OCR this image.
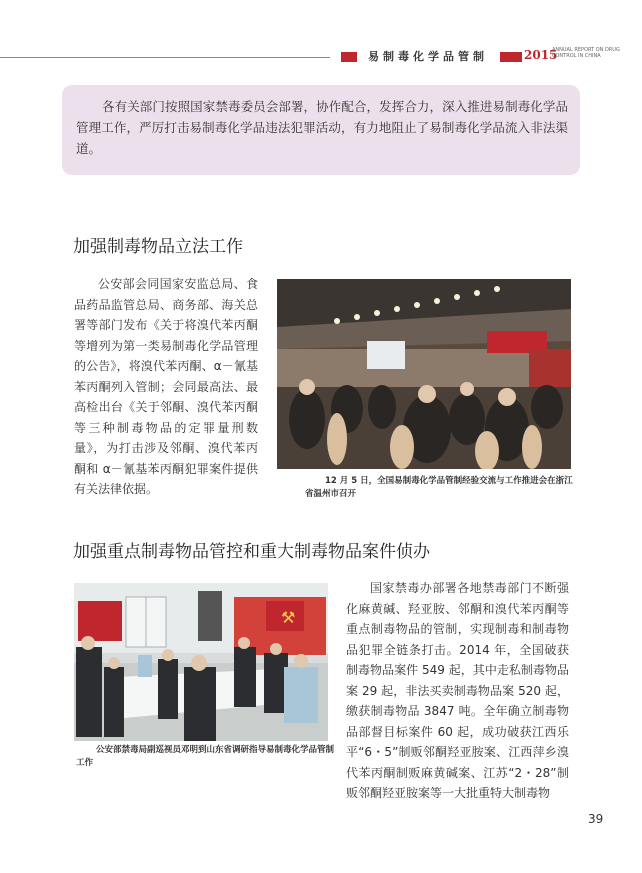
易制毒化学品管制	2015
ANNUAL REPORT ON DRUG
CONTROL IN CHINA
各有关部门按照国家禁毒委员会部署，协作配合，发挥合力，深入推进易制毒化学品管理工作，严厉打击易制毒化学品违法犯罪活动，有力地阻止了易制毒化学品流入非法渠道。
加强制毒物品立法工作
公安部会同国家安监总局、食品药品监管总局、商务部、海关总署等部门发布《关于将溴代苯丙酮等增列为第一类易制毒化学品管理的公告》，将溴代苯丙酮、α－氰基苯丙酮列入管制；会同最高法、最高检出台《关于邻酮、溴代苯丙酮等三种制毒物品的定罪量刑数量》，为打击涉及邻酮、溴代苯丙酮和 α－氰基苯丙酮犯罪案件提供有关法律依据。
12 月 5 日，全国易制毒化学品管制经验交流与工作推进会在浙江省温州市召开
加强重点制毒物品管控和重大制毒物品案件侦办
⚒
公安部禁毒局副巡视员邓明到山东省调研指导易制毒化学品管制工作
国家禁毒办部署各地禁毒部门不断强化麻黄碱、羟亚胺、邻酮和溴代苯丙酮等重点制毒物品的管制，实现制毒和制毒物品犯罪全链条打击。2014 年，全国破获制毒物品案件 549 起，其中走私制毒物品案 29 起，非法买卖制毒物品案 520 起，缴获制毒物品 3847 吨。全年确立制毒物品部督目标案件 60 起，成功破获江西乐平“6・5”制贩邻酮羟亚胺案、江西萍乡溴代苯丙酮制贩麻黄碱案、江苏“2・28”制贩邻酮羟亚胺案等一大批重特大制毒物
39
